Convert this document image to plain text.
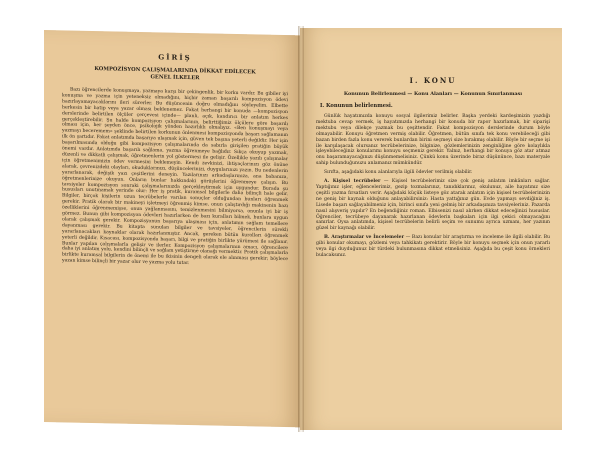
GİRİŞ
KOMPOZİSYON ÇALIŞMALARINDA DİKKAT EDİLECEK
GENEL İLKELER

Bazı öğrencilerde konuşmaya, yazmaya karşı bir çekingenlik, bir korku vardır. Bu gibiler iyi konuşma ve yazma için yeteneksiz olmadığını, hiçbir zaman başarılı kompozisyon ödevi hazırlayamayacaklarını ileri sürerler. Bu düşüncenin doğru olmadığını söyleyelim. Elbette herkesin bir hatip veya yazar olması beklenemez. Fakat herhangi bir konuda —kompozisyon derslerinde belirtilen ölçüler çerçevesi içinde— planlı, açık, kandırıcı bir anlatım herkes gerçekleştirebilir. Şu halde kompozisyon çalışmalarının, belirttiğimiz ölçülere göre başarılı olması için, her şeyden önce, psikolojik yönden hazırlıklı olmalıyız. «Ben konuşmayı veya yazmayı beceremem» şeklinde belirtilen korkunun önlenmesi kompozisyonda başarı sağlamanın ilk ön şartıdır. Fakat anlatımda başarıya ulaşmak için, güven tek başına yeterli değildir. Her işin başarılmasında olduğu gibi kompozisyon çalışmalarında da sabırla girişilen pratiğin büyük önemi vardır. Anlatımda başarılı sağlama, yazma öğrenmeye bağlıdır. Sıkça okuyup yazmak, düzenli ve dikkatli çalışmak, öğretmenlerin yol göstermesi ile gelişir. Özellikle yazılı çalışmalar için öğretmenimizin ödev vermesini beklemeyin. Kendi zevkinizi, ihtiyaçlarınızı göz önüne alarak, çevrenizdeki olayları, okuduklarınızı, düşüncelerinizi, duygularınızı yazın. Bu nedenlerin yararlanarak, değişik yazı çeşitlerini deneyin. Yazılarınızı arkadaşlarınıza, ana babanıza, öğretmenlerinize okuyun. Onların bunlar hakkındaki görüşlerini öğrenmeye çalışın. Bu tavsiyeler kompozisyon sonraki çalışmalarınızda gerçekleştirmek için uygundur. Burada şu hususları unutmamak yerinde olur: Her iş pratik, kuramsal bilgilerle daha bilinçli hale gelir. Bilgiler, birçok kişilerin uzun tecrübelerle varılan sonuçlar olduğundan bunları öğrenmek gerekir. Pratik olarak bir makineyi işletmeyi öğrenmiş kimse, onun çalıştırdığı makinenin bazı özelliklerini öğrenmemişse, onun yağlanmasını, temizlenmesini bilmiyorsa, onunla iyi bir iş görmez. Bunun gibi kompozisyon ödevleri hazırlarken de bazı kuralları bilmek, bunlara uygun olarak çalışmak gerekir. Kompozisyonun başarıya ulaşması için, anlatımın sağlam temellere dayanması gerekir. Bu kitapta sunulan bilgiler ve tavsiyeler, öğrencilerin sürekli yararlanacakları kaynaklar olarak hazırlanmıştır. Ancak, gereken bütün kuralları öğrenmek yeterli değildir. Kısacası, kompozisyonda başarı, bilgi ve pratiğin birlikte yürümesi ile sağlanır. Bunlar yapılan çalışmalarla gelişir ve ilerler. Kompozisyon çalışmalarının amacı, öğrencilere daha iyi anlatım yolu, kendini bilinçli ve sağlam yetiştirme olanağı vermektir. Pratik çalışmalarla birlikte kuramsal bilgilerin de önemi ile bu ikisinin dengeli olarak ele alınması gerekir; böylece yazan kimse bilinçli bir yazar olur ve yazma yolu tutar.

I. KONU
Konunun Belirlenmesi — Konu Alanları — Konunun Sınırlanması
I. Konunun belirlenmesi.

Günlük hayatımızda konuyu sosyal ilgilerimiz belirler. Başka yerdeki kardeşimizin yazdığı mektuba cevap vermek, iş hayatımızda herhangi bir konuda bir rapor hazırlamak, bir siparişi mektubu veya dilekçe yazmak bu çeşittendir. Fakat kompozisyon derslerinde durum böyle olmayabilir. Konuyu öğretmen vermiş olabilir. Öğretmen, bütün sınıfa tek konu verebileceği gibi bazan birden fazla konu vererek bunlardan birini seçmeyi size bırakmış olabilir. Böyle bir seçme işi ile karşılaşacak olursanız tecrübelerinize, bilginize, gözlemlerinizin zenginliğine göre kolaylıkla işleyebileceğiniz konularımı konuyu seçmeniz gerekir. Yalnız, herhangi bir konuya göz atar atmaz onu başaramayacağınızı düşünmemelisiniz. Çünkü konu üzerinde biraz düşününce, bazı materyale sahip bulunduğunuzu anlamanız mümkündür.

Sırıfta, aşağıdaki konu alanlarıyla ilgili ödevler verilmiş olabilir.

A. Kişisel tecrübeler — Kişisel tecrübelerimiz size çok geniş anlatım imkânları sağlar. Yaptığınız işler, eğlencelerimiz, gezip tozmalarınız, tanıdıklarınız, okulunuz, aile hayatınız size çeşitli yazma fırsatları verir. Aşağıdaki küçük listeye göz atarak anlatım için kişisel tecrübelerinizin ne geniş bir kaynak olduğunu anlayabilirsiniz: Hasta yattığınız gün. Evde yapmayı sevdiğiniz iş. Lisede başarı sağlayabilmeniz için, birinci sınıfa yeni gelmiş bir arkadaşınıza tavsiyeleriniz. Pazarda nasıl alışveriş yapılır? En beğendiğiniz roman. Elbisenizi nasıl alırken dikkat edeceğinizi hususlar. Öğrenciler, tecrübeye dayanarak hazırlanan ödevlerin başkaları için ilgi çekici olmayacağını sanırlar. Oysa anlatımda, kişisel tecrübelerin belirli seçim ve sunumu ayrıca uzmanı, her yazının güzel bir kaynağı olabilir.

B. Araştırmalar ve İncelemeler — Bazı konular bir araştırma ve inceleme ile ilgili olabilir. Bu gibi konular okumayı, gözlemi veya tahkikatı gerektirir. Böyle bir konuyu seçmek için onun yararlı veya ilgi duyduğunuz bir türdeki bulunmasına dikkat etmelisiniz. Aşağıda bu çeşit konu örnekleri bulacaksınız.
